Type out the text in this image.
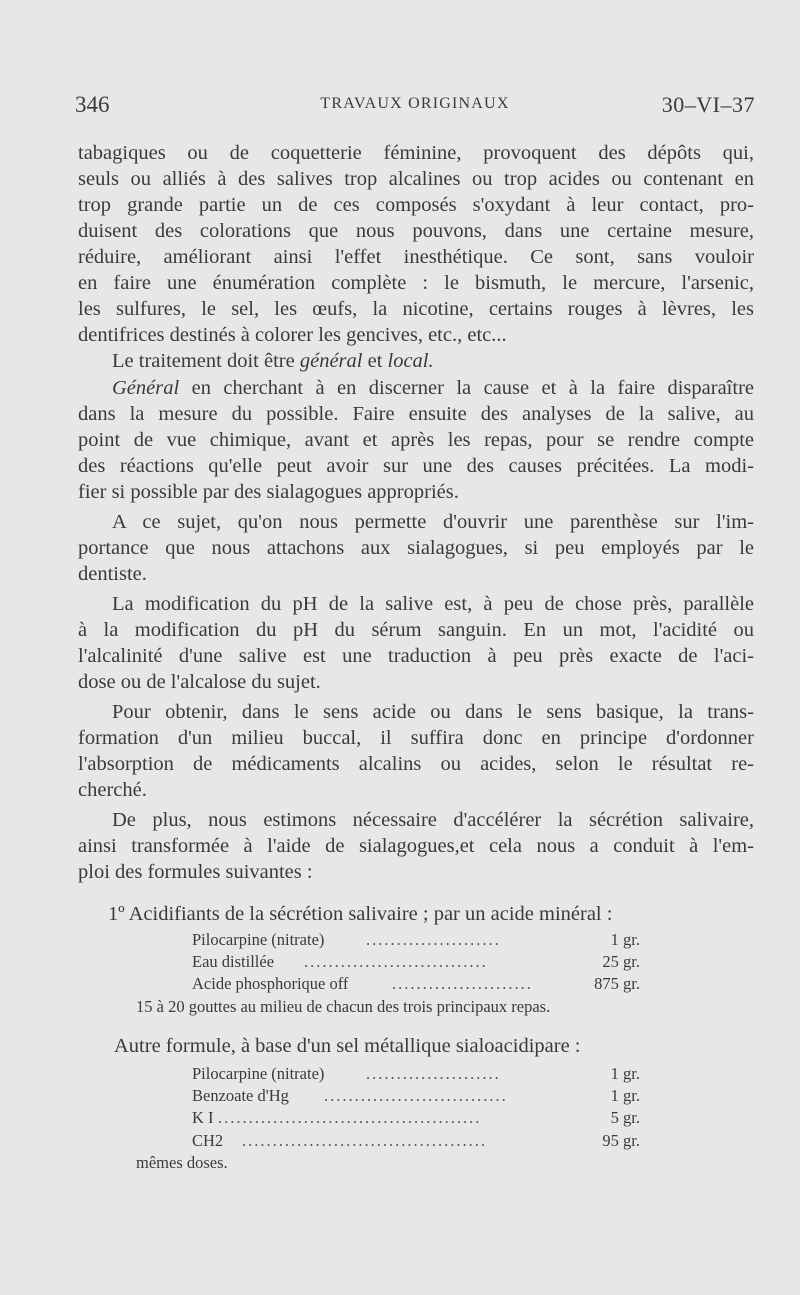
346	TRAVAUX ORIGINAUX	30–VI–37
tabagiques ou de coquetterie féminine, provoquent des dépôts qui,
seuls ou alliés à des salives trop alcalines ou trop acides ou contenant en
trop grande partie un de ces composés s'oxydant à leur contact, pro-
duisent des colorations que nous pouvons, dans une certaine mesure,
réduire, améliorant ainsi l'effet inesthétique. Ce sont, sans vouloir
en faire une énumération complète : le bismuth, le mercure, l'arsenic,
les sulfures, le sel, les œufs, la nicotine, certains rouges à lèvres, les
dentifrices destinés à colorer les gencives, etc., etc...
Le traitement doit être général et local.
Général en cherchant à en discerner la cause et à la faire disparaître
dans la mesure du possible. Faire ensuite des analyses de la salive, au
point de vue chimique, avant et après les repas, pour se rendre compte
des réactions qu'elle peut avoir sur une des causes précitées. La modi-
fier si possible par des sialagogues appropriés.
A ce sujet, qu'on nous permette d'ouvrir une parenthèse sur l'im-
portance que nous attachons aux sialagogues, si peu employés par le
dentiste.
La modification du pH de la salive est, à peu de chose près, parallèle
à la modification du pH du sérum sanguin. En un mot, l'acidité ou
l'alcalinité d'une salive est une traduction à peu près exacte de l'aci-
dose ou de l'alcalose du sujet.
Pour obtenir, dans le sens acide ou dans le sens basique, la trans-
formation d'un milieu buccal, il suffira donc en principe d'ordonner
l'absorption de médicaments alcalins ou acides, selon le résultat re-
cherché.
De plus, nous estimons nécessaire d'accélérer la sécrétion salivaire,
ainsi transformée à l'aide de sialagogues,et cela nous a conduit à l'em-
ploi des formules suivantes :
1º Acidifiants de la sécrétion salivaire ; par un acide minéral :
Pilocarpine (nitrate)	......................	1 gr.
Eau distillée ..............................	25 gr.
Acide phosphorique off	.......................	875 gr.
15 à 20 gouttes au milieu de chacun des trois principaux repas.
Autre formule, à base d'un sel métallique sialoacidipare :
Pilocarpine (nitrate)	......................	1 gr.
Benzoate d'Hg ..............................	1 gr.
K I ...........................................	5 gr.
CH2 ........................................	95 gr.
mêmes doses.
